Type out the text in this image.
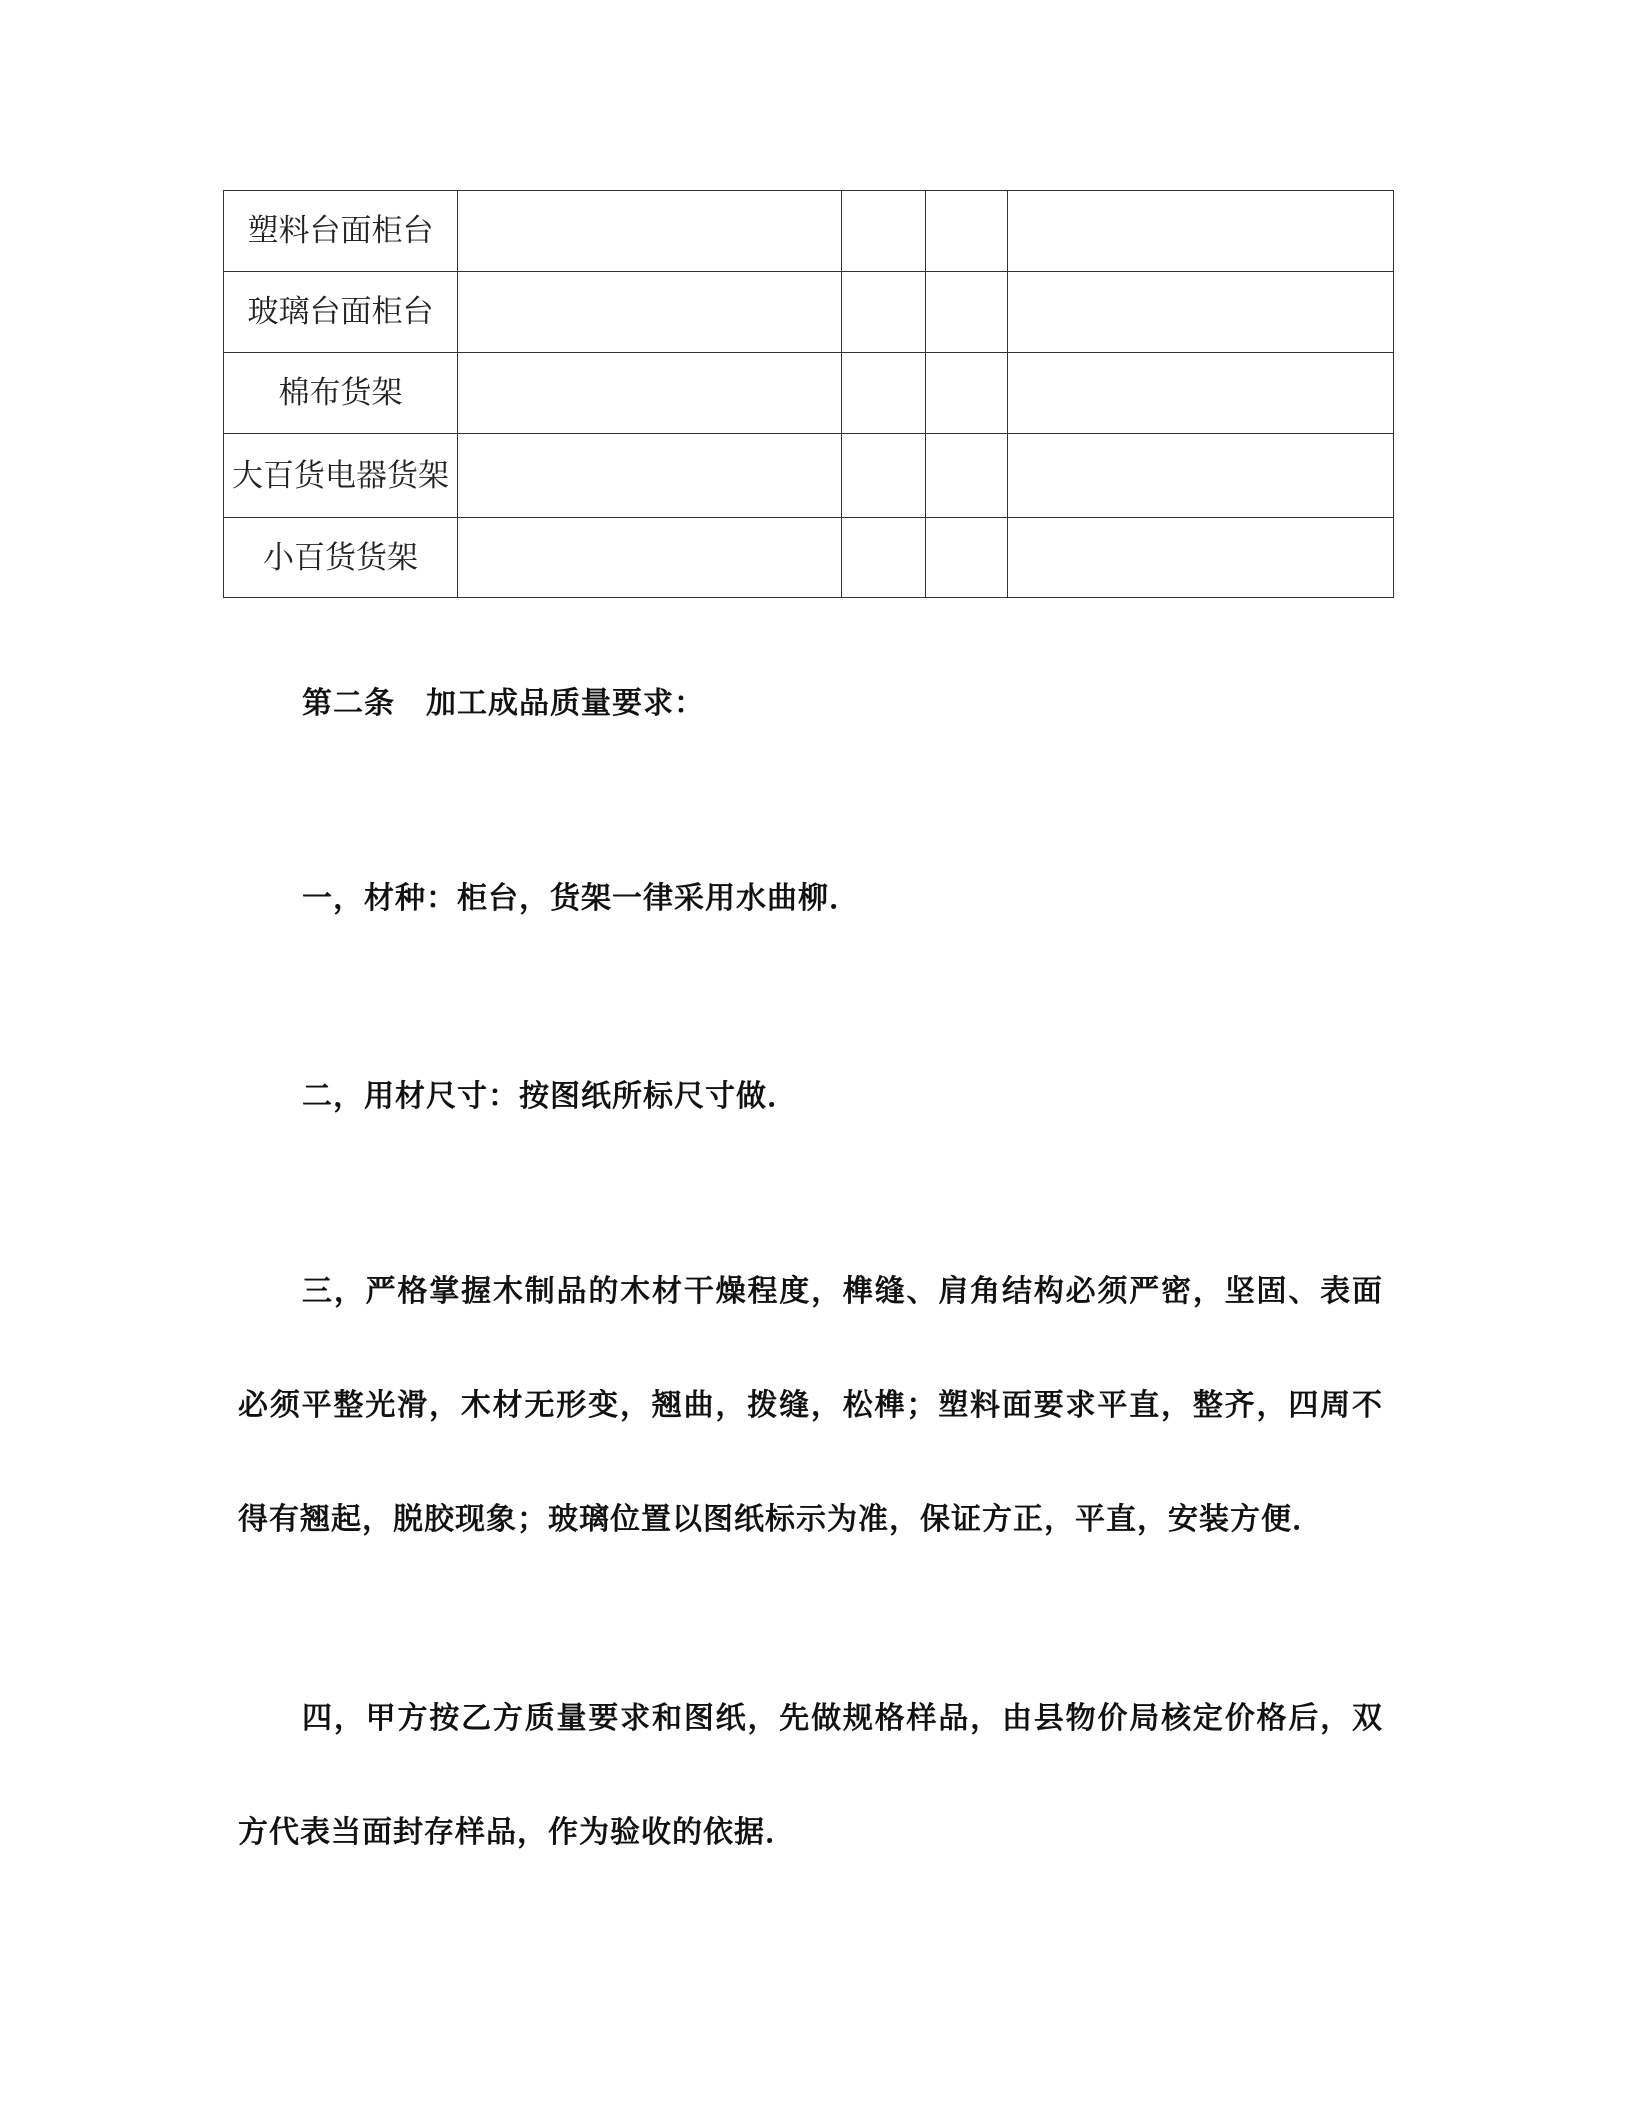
塑料台面柜台				
玻璃台面柜台				
棉布货架				
大百货电器货架				
小百货货架				
第二条　加工成品质量要求：
一，材种：柜台，货架一律采用水曲柳．
二，用材尺寸：按图纸所标尺寸做．
三，严格掌握木制品的木材干燥程度，榫缝、肩角结构必须严密，坚固、表面必须平整光滑，木材无形变，翘曲，拨缝，松榫；塑料面要求平直，整齐，四周不得有翘起，脱胶现象；玻璃位置以图纸标示为准，保证方正，平直，安装方便．
四，甲方按乙方质量要求和图纸，先做规格样品，由县物价局核定价格后，双方代表当面封存样品，作为验收的依据．
